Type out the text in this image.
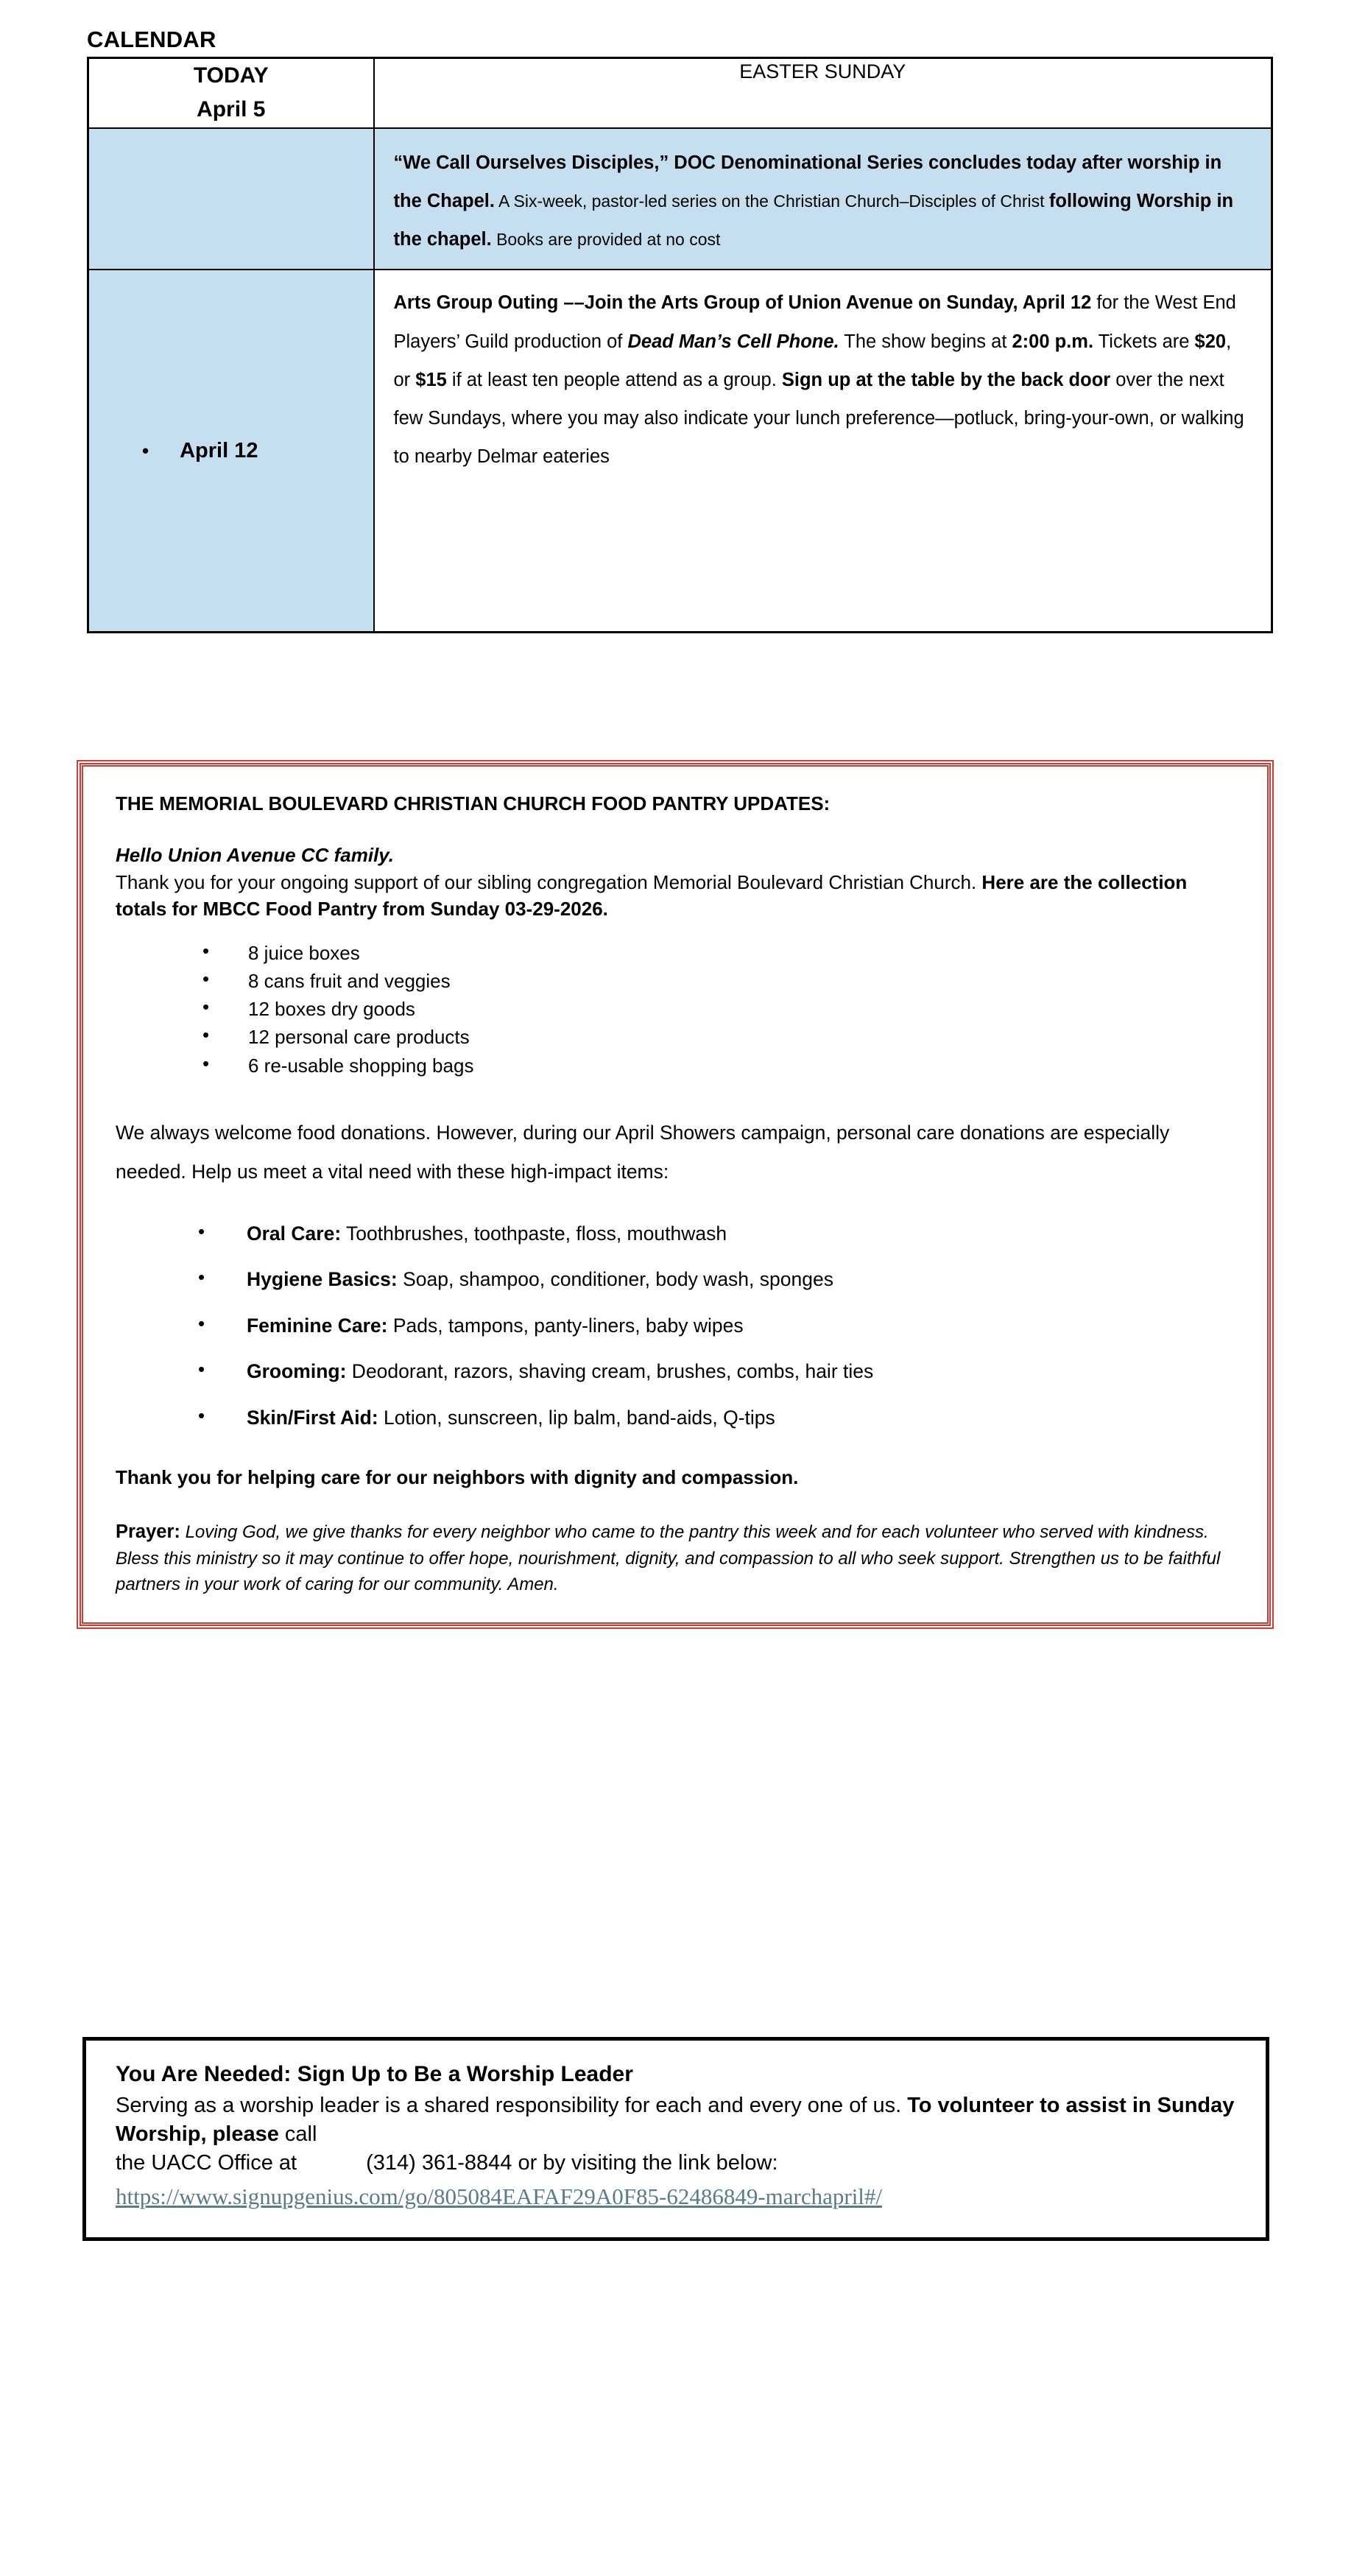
CALENDAR
TODAY
April 5	EASTER SUNDAY

	“We Call Ourselves Disciples,” DOC Denominational Series concludes today after worship in the Chapel. A Six-week, pastor-led series on the Christian Church–Disciples of Christ following Worship in the chapel. Books are provided at no cost

• April 12	Arts Group Outing ––Join the Arts Group of Union Avenue on Sunday, April 12 for the West End Players’ Guild production of Dead Man’s Cell Phone. The show begins at 2:00 p.m. Tickets are $20, or $15 if at least ten people attend as a group. Sign up at the table by the back door over the next few Sundays, where you may also indicate your lunch preference—potluck, bring-your-own, or walking to nearby Delmar eateries
THE MEMORIAL BOULEVARD CHRISTIAN CHURCH FOOD PANTRY UPDATES:
Hello Union Avenue CC family.
Thank you for your ongoing support of our sibling congregation Memorial Boulevard Christian Church. Here are the collection totals for MBCC Food Pantry from Sunday 03-29-2026.
• 8 juice boxes
• 8 cans fruit and veggies
• 12 boxes dry goods
• 12 personal care products
• 6 re-usable shopping bags

We always welcome food donations. However, during our April Showers campaign, personal care donations are especially needed. Help us meet a vital need with these high-impact items:

• Oral Care: Toothbrushes, toothpaste, floss, mouthwash
• Hygiene Basics: Soap, shampoo, conditioner, body wash, sponges
• Feminine Care: Pads, tampons, panty-liners, baby wipes
• Grooming: Deodorant, razors, shaving cream, brushes, combs, hair ties
• Skin/First Aid: Lotion, sunscreen, lip balm, band-aids, Q-tips
Thank you for helping care for our neighbors with dignity and compassion.
Prayer: Loving God, we give thanks for every neighbor who came to the pantry this week and for each volunteer who served with kindness. Bless this ministry so it may continue to offer hope, nourishment, dignity, and compassion to all who seek support. Strengthen us to be faithful partners in your work of caring for our community. Amen.
You Are Needed: Sign Up to Be a Worship Leader
Serving as a worship leader is a shared responsibility for each and every one of us. To volunteer to assist in Sunday Worship, please call
the UACC Office at	(314) 361-8844 or by visiting the link below:
https://www.signupgenius.com/go/805084EAFAF29A0F85-62486849-marchapril#/
